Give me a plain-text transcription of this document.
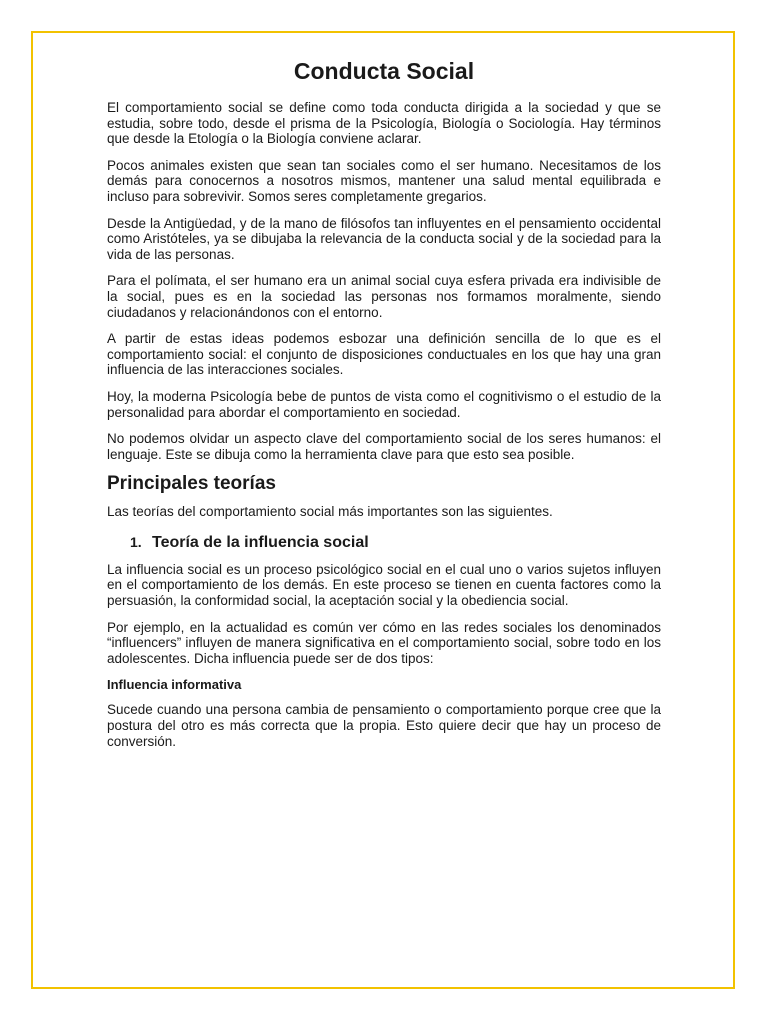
Conducta Social

El comportamiento social se define como toda conducta dirigida a la sociedad y que se estudia, sobre todo, desde el prisma de la Psicología, Biología o Sociología. Hay términos que desde la Etología o la Biología conviene aclarar.

Pocos animales existen que sean tan sociales como el ser humano. Necesitamos de los demás para conocernos a nosotros mismos, mantener una salud mental equilibrada e incluso para sobrevivir. Somos seres completamente gregarios.

Desde la Antigüedad, y de la mano de filósofos tan influyentes en el pensamiento occidental como Aristóteles, ya se dibujaba la relevancia de la conducta social y de la sociedad para la vida de las personas.

Para el polímata, el ser humano era un animal social cuya esfera privada era indivisible de la social, pues es en la sociedad las personas nos formamos moralmente, siendo ciudadanos y relacionándonos con el entorno.

A partir de estas ideas podemos esbozar una definición sencilla de lo que es el comportamiento social: el conjunto de disposiciones conductuales en los que hay una gran influencia de las interacciones sociales.

Hoy, la moderna Psicología bebe de puntos de vista como el cognitivismo o el estudio de la personalidad para abordar el comportamiento en sociedad.

No podemos olvidar un aspecto clave del comportamiento social de los seres humanos: el lenguaje. Este se dibuja como la herramienta clave para que esto sea posible.

Principales teorías

Las teorías del comportamiento social más importantes son las siguientes.

1. Teoría de la influencia social

La influencia social es un proceso psicológico social en el cual uno o varios sujetos influyen en el comportamiento de los demás. En este proceso se tienen en cuenta factores como la persuasión, la conformidad social, la aceptación social y la obediencia social.

Por ejemplo, en la actualidad es común ver cómo en las redes sociales los denominados “influencers” influyen de manera significativa en el comportamiento social, sobre todo en los adolescentes. Dicha influencia puede ser de dos tipos:

Influencia informativa

Sucede cuando una persona cambia de pensamiento o comportamiento porque cree que la postura del otro es más correcta que la propia. Esto quiere decir que hay un proceso de conversión.
